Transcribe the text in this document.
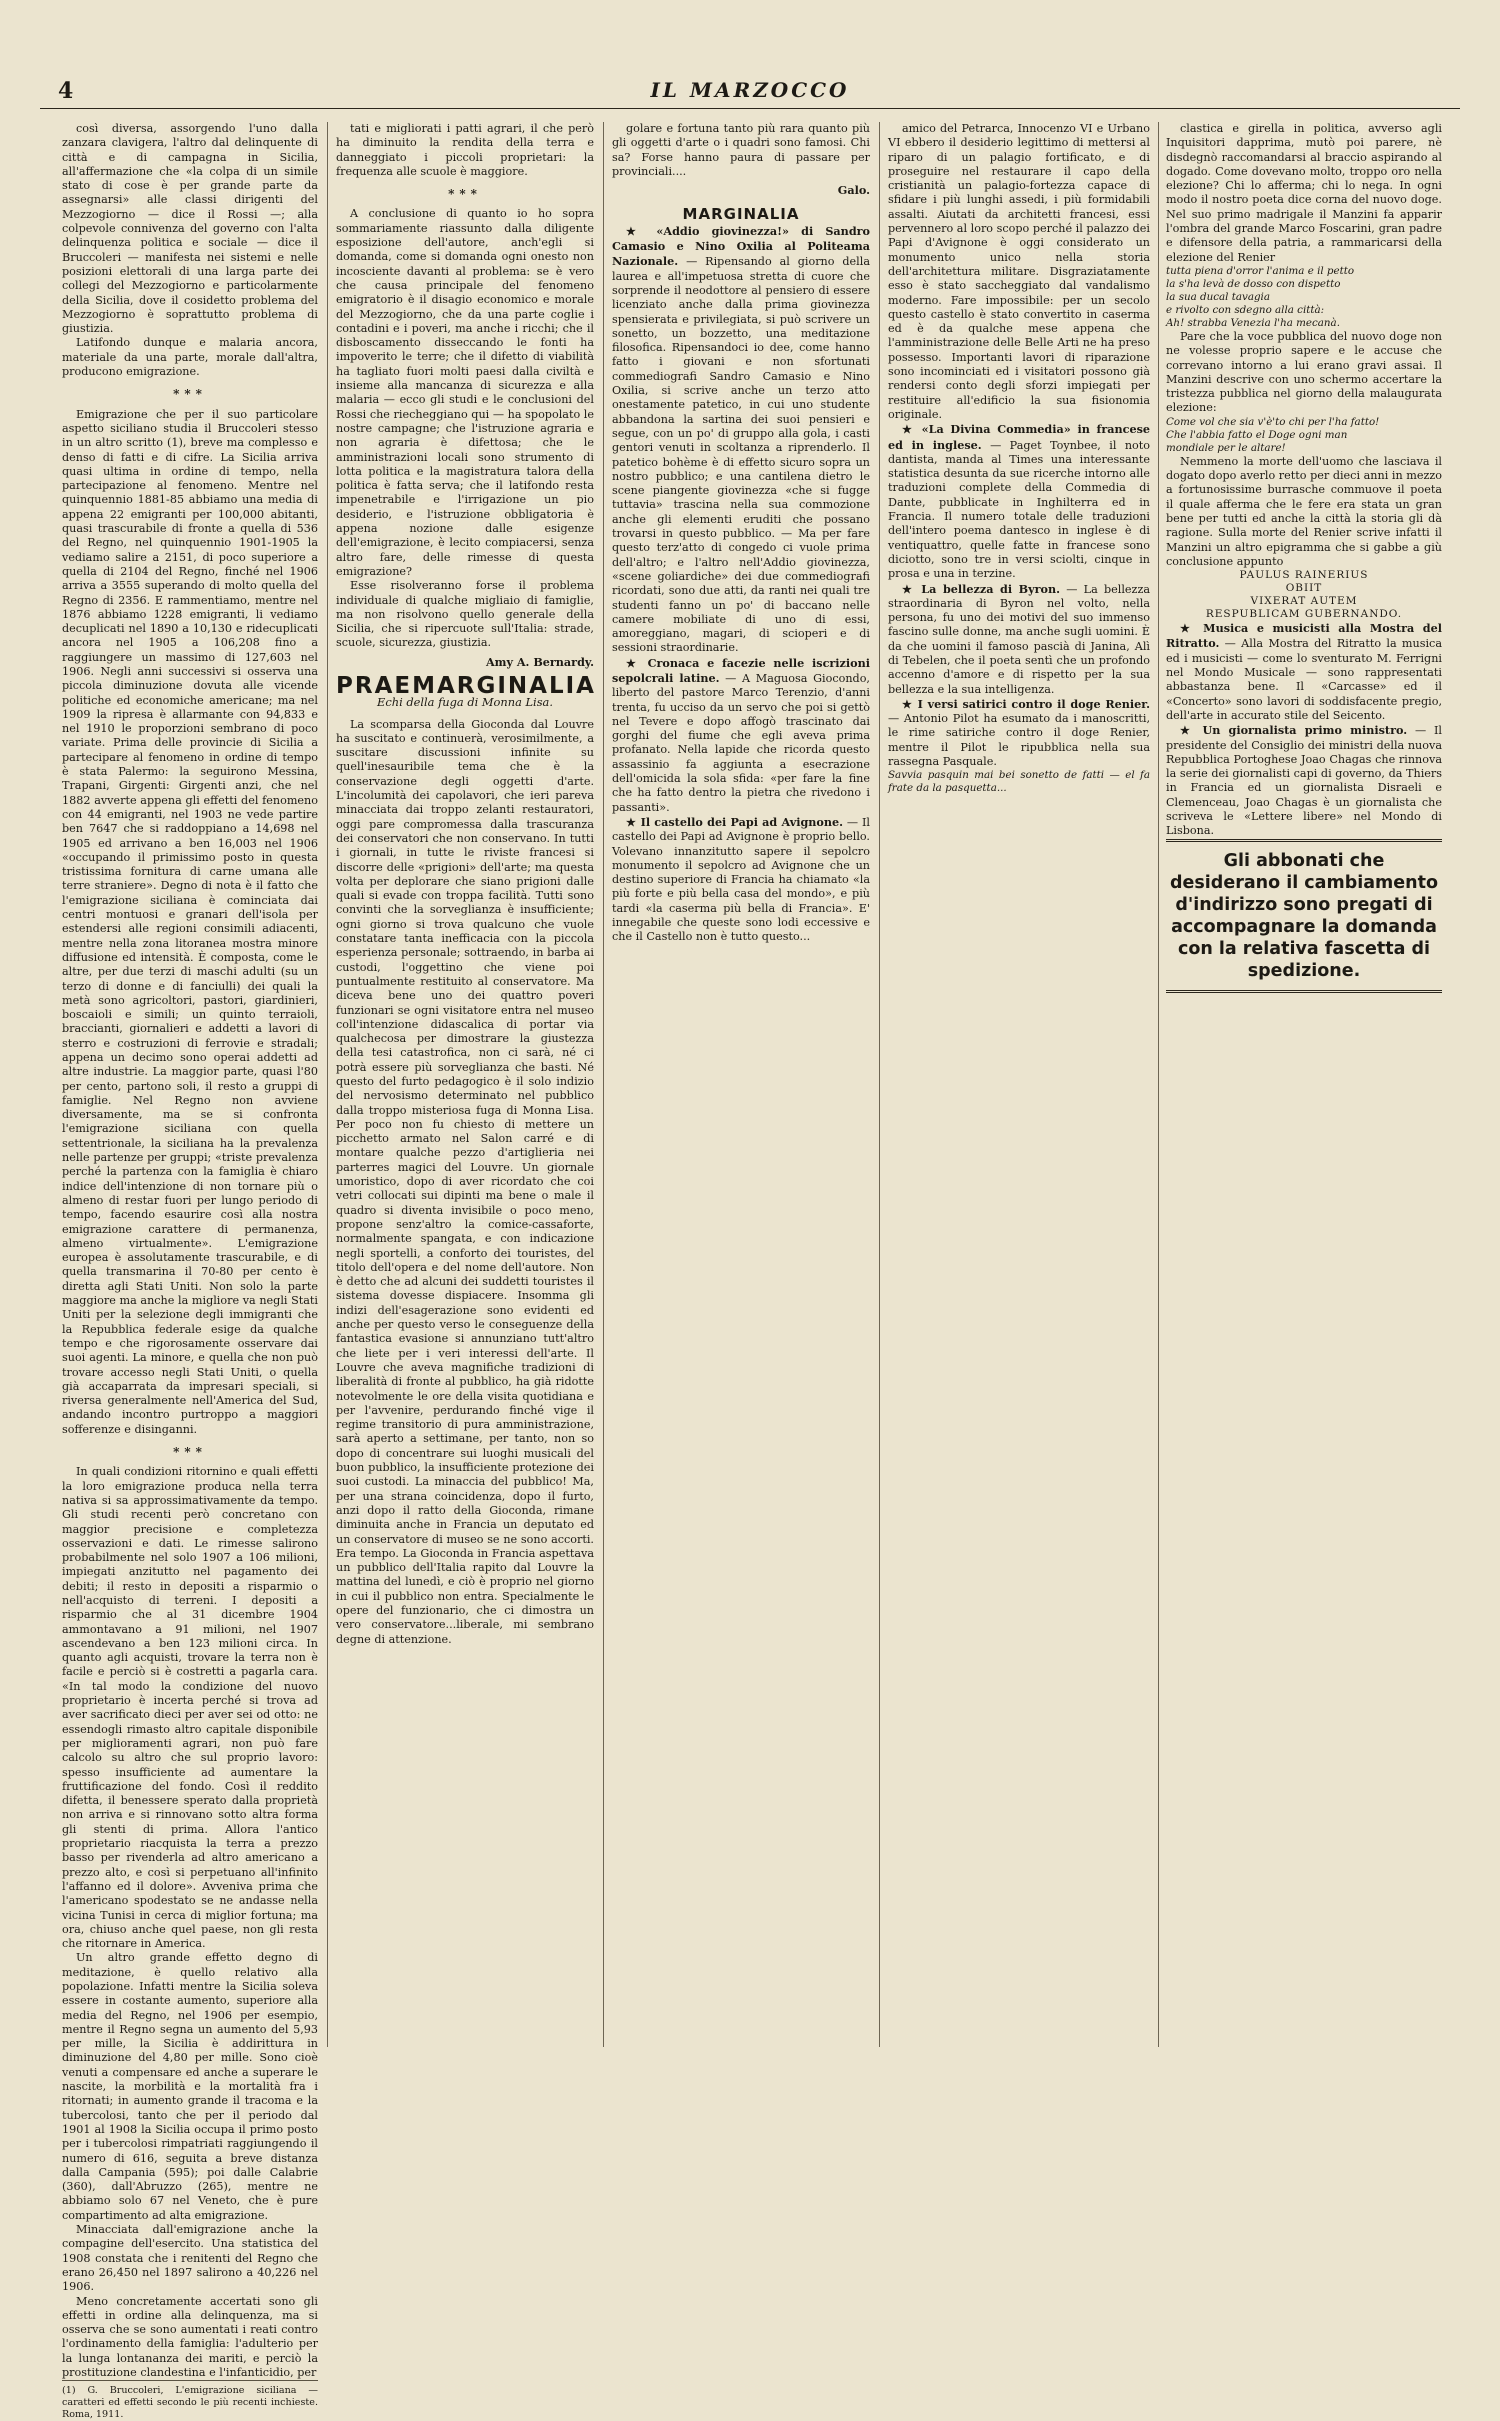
4	IL MARZOCCO

così diversa, assorgendo l'uno dalla zanzara clavigera, l'altro dal delinquente di città e di campagna in Sicilia, all'affermazione che «la colpa di un simile stato di cose è per grande parte da assegnarsi» alle classi dirigenti del Mezzogiorno — dice il Rossi —; alla colpevole connivenza del governo con l'alta delinquenza politica e sociale — dice il Bruccoleri — manifesta nei sistemi e nelle posizioni elettorali di una larga parte dei collegi del Mezzogiorno e particolarmente della Sicilia, dove il cosidetto problema del Mezzogiorno è soprattutto problema di giustizia.

Latifondo dunque e malaria ancora, materiale da una parte, morale dall'altra, producono emigrazione.

***

Emigrazione che per il suo particolare aspetto siciliano studia il Bruccoleri stesso in un altro scritto (1), breve ma complesso e denso di fatti e di cifre. La Sicilia arriva quasi ultima in ordine di tempo, nella partecipazione al fenomeno. Mentre nel quinquennio 1881-85 abbiamo una media di appena 22 emigranti per 100,000 abitanti, quasi trascurabile di fronte a quella di 536 del Regno, nel quinquennio 1901-1905 la vediamo salire a 2151, di poco superiore a quella di 2104 del Regno, finché nel 1906 arriva a 3555 superando di molto quella del Regno di 2356. E rammentiamo, mentre nel 1876 abbiamo 1228 emigranti, li vediamo decuplicati nel 1890 a 10,130 e ridecuplicati ancora nel 1905 a 106,208 fino a raggiungere un massimo di 127,603 nel 1906. Negli anni successivi si osserva una piccola diminuzione dovuta alle vicende politiche ed economiche americane; ma nel 1909 la ripresa è allarmante con 94,833 e nel 1910 le proporzioni sembrano di poco variate. Prima delle provincie di Sicilia a partecipare al fenomeno in ordine di tempo è stata Palermo: la seguirono Messina, Trapani, Girgenti: Girgenti anzi, che nel 1882 avverte appena gli effetti del fenomeno con 44 emigranti, nel 1903 ne vede partire ben 7647 che si raddoppiano a 14,698 nel 1905 ed arrivano a ben 16,003 nel 1906 «occupando il primissimo posto in questa tristissima fornitura di carne umana alle terre straniere». Degno di nota è il fatto che l'emigrazione siciliana è cominciata dai centri montuosi e granari dell'isola per estendersi alle regioni consimili adiacenti, mentre nella zona litoranea mostra minore diffusione ed intensità. È composta, come le altre, per due terzi di maschi adulti (su un terzo di donne e di fanciulli) dei quali la metà sono agricoltori, pastori, giardinieri, boscaioli e simili; un quinto terraioli, braccianti, giornalieri e addetti a lavori di sterro e costruzioni di ferrovie e stradali; appena un decimo sono operai addetti ad altre industrie. La maggior parte, quasi l'80 per cento, partono soli, il resto a gruppi di famiglie. Nel Regno non avviene diversamente, ma se si confronta l'emigrazione siciliana con quella settentrionale, la siciliana ha la prevalenza nelle partenze per gruppi; «triste prevalenza perché la partenza con la famiglia è chiaro indice dell'intenzione di non tornare più o almeno di restar fuori per lungo periodo di tempo, facendo esaurire così alla nostra emigrazione carattere di permanenza, almeno virtualmente». L'emigrazione europea è assolutamente trascurabile, e di quella transmarina il 70-80 per cento è diretta agli Stati Uniti. Non solo la parte maggiore ma anche la migliore va negli Stati Uniti per la selezione degli immigranti che la Repubblica federale esige da qualche tempo e che rigorosamente osservare dai suoi agenti. La minore, e quella che non può trovare accesso negli Stati Uniti, o quella già accaparrata da impresari speciali, si riversa generalmente nell'America del Sud, andando incontro purtroppo a maggiori sofferenze e disinganni.

***

In quali condizioni ritornino e quali effetti la loro emigrazione produca nella terra nativa si sa approssimativamente da tempo. Gli studi recenti però concretano con maggior precisione e completezza osservazioni e dati. Le rimesse salirono probabilmente nel solo 1907 a 106 milioni, impiegati anzitutto nel pagamento dei debiti; il resto in depositi a risparmio o nell'acquisto di terreni. I depositi a risparmio che al 31 dicembre 1904 ammontavano a 91 milioni, nel 1907 ascendevano a ben 123 milioni circa. In quanto agli acquisti, trovare la terra non è facile e perciò si è costretti a pagarla cara. «In tal modo la condizione del nuovo proprietario è incerta perché si trova ad aver sacrificato dieci per aver sei od otto: ne essendogli rimasto altro capitale disponibile per miglioramenti agrari, non può fare calcolo su altro che sul proprio lavoro: spesso insufficiente ad aumentare la fruttificazione del fondo. Così il reddito difetta, il benessere sperato dalla proprietà non arriva e si rinnovano sotto altra forma gli stenti di prima. Allora l'antico proprietario riacquista la terra a prezzo basso per rivenderla ad altro americano a prezzo alto, e così si perpetuano all'infinito l'affanno ed il dolore». Avveniva prima che l'americano spodestato se ne andasse nella vicina Tunisi in cerca di miglior fortuna; ma ora, chiuso anche quel paese, non gli resta che ritornare in America.

Un altro grande effetto degno di meditazione, è quello relativo alla popolazione. Infatti mentre la Sicilia soleva essere in costante aumento, superiore alla media del Regno, nel 1906 per esempio, mentre il Regno segna un aumento del 5,93 per mille, la Sicilia è addirittura in diminuzione del 4,80 per mille. Sono cioè venuti a compensare ed anche a superare le nascite, la morbilità e la mortalità fra i ritornati; in aumento grande il tracoma e la tubercolosi, tanto che per il periodo dal 1901 al 1908 la Sicilia occupa il primo posto per i tubercolosi rimpatriati raggiungendo il numero di 616, seguita a breve distanza dalla Campania (595); poi dalle Calabrie (360), dall'Abruzzo (265), mentre ne abbiamo solo 67 nel Veneto, che è pure compartimento ad alta emigrazione.

Minacciata dall'emigrazione anche la compagine dell'esercito. Una statistica del 1908 constata che i renitenti del Regno che erano 26,450 nel 1897 salirono a 40,226 nel 1906.

Meno concretamente accertati sono gli effetti in ordine alla delinquenza, ma si osserva che se sono aumentati i reati contro l'ordinamento della famiglia: l'adulterio per la lunga lontananza dei mariti, e perciò la prostituzione clandestina e l'infanticidio, per

(1) G. Bruccoleri, L'emigrazione siciliana — caratteri ed effetti secondo le più recenti inchieste. Roma, 1911.

tati e migliorati i patti agrari, il che però ha diminuito la rendita della terra e danneggiato i piccoli proprietari: la frequenza alle scuole è maggiore.

***

A conclusione di quanto io ho sopra sommariamente riassunto dalla diligente esposizione dell'autore, anch'egli si domanda, come si domanda ogni onesto non incosciente davanti al problema: se è vero che causa principale del fenomeno emigratorio è il disagio economico e morale del Mezzogiorno, che da una parte coglie i contadini e i poveri, ma anche i ricchi; che il disboscamento disseccando le fonti ha impoverito le terre; che il difetto di viabilità ha tagliato fuori molti paesi dalla civiltà e insieme alla mancanza di sicurezza e alla malaria — ecco gli studi e le conclusioni del Rossi che riecheggiano qui — ha spopolato le nostre campagne; che l'istruzione agraria e non agraria è difettosa; che le amministrazioni locali sono strumento di lotta politica e la magistratura talora della politica è fatta serva; che il latifondo resta impenetrabile e l'irrigazione un pio desiderio, e l'istruzione obbligatoria è appena nozione dalle esigenze dell'emigrazione, è lecito compiacersi, senza altro fare, delle rimesse di questa emigrazione?

Esse risolveranno forse il problema individuale di qualche migliaio di famiglie, ma non risolvono quello generale della Sicilia, che si ripercuote sull'Italia: strade, scuole, sicurezza, giustizia.

Amy A. Bernardy.
PRAEMARGINALIA
Echi della fuga di Monna Lisa.

La scomparsa della Gioconda dal Louvre ha suscitato e continuerà, verosimilmente, a suscitare discussioni infinite su quell'inesauribile tema che è la conservazione degli oggetti d'arte. L'incolumità dei capolavori, che ieri pareva minacciata dai troppo zelanti restauratori, oggi pare compromessa dalla trascuranza dei conservatori che non conservano. In tutti i giornali, in tutte le riviste francesi si discorre delle «prigioni» dell'arte; ma questa volta per deplorare che siano prigioni dalle quali si evade con troppa facilità. Tutti sono convinti che la sorveglianza è insufficiente; ogni giorno si trova qualcuno che vuole constatare tanta inefficacia con la piccola esperienza personale; sottraendo, in barba ai custodi, l'oggettino che viene poi puntualmente restituito al conservatore. Ma diceva bene uno dei quattro poveri funzionari se ogni visitatore entra nel museo coll'intenzione didascalica di portar via qualchecosa per dimostrare la giustezza della tesi catastrofica, non ci sarà, né ci potrà essere più sorveglianza che basti. Né questo del furto pedagogico è il solo indizio del nervosismo determinato nel pubblico dalla troppo misteriosa fuga di Monna Lisa. Per poco non fu chiesto di mettere un picchetto armato nel Salon carré e di montare qualche pezzo d'artiglieria nei parterres magici del Louvre. Un giornale umoristico, dopo di aver ricordato che coi vetri collocati sui dipinti ma bene o male il quadro si diventa invisibile o poco meno, propone senz'altro la comice-cassaforte, normalmente spangata, e con indicazione negli sportelli, a conforto dei touristes, del titolo dell'opera e del nome dell'autore. Non è detto che ad alcuni dei suddetti touristes il sistema dovesse dispiacere. Insomma gli indizi dell'esagerazione sono evidenti ed anche per questo verso le conseguenze della fantastica evasione si annunziano tutt'altro che liete per i veri interessi dell'arte. Il Louvre che aveva magnifiche tradizioni di liberalità di fronte al pubblico, ha già ridotte notevolmente le ore della visita quotidiana e per l'avvenire, perdurando finché vige il regime transitorio di pura amministrazione, sarà aperto a settimane, per tanto, non so dopo di concentrare sui luoghi musicali del buon pubblico, la insufficiente protezione dei suoi custodi. La minaccia del pubblico! Ma, per una strana coincidenza, dopo il furto, anzi dopo il ratto della Gioconda, rimane diminuita anche in Francia un deputato ed un conservatore di museo se ne sono accorti. Era tempo. La Gioconda in Francia aspettava un pubblico dell'Italia rapito dal Louvre la mattina del lunedì, e ciò è proprio nel giorno in cui il pubblico non entra. Specialmente le opere del funzionario, che ci dimostra un vero conservatore...liberale, mi sembrano degne di attenzione.

golare e fortuna tanto più rara quanto più gli oggetti d'arte o i quadri sono famosi. Chi sa? Forse hanno paura di passare per provinciali....

Galo.
MARGINALIA

★ «Addio giovinezza!» di Sandro Camasio e Nino Oxilia al Politeama Nazionale. — Ripensando al giorno della laurea e all'impetuosa stretta di cuore che sorprende il neodottore al pensiero di essere licenziato anche dalla prima giovinezza spensierata e privilegiata, si può scrivere un sonetto, un bozzetto, una meditazione filosofica. Ripensandoci io dee, come hanno fatto i giovani e non sfortunati commediografi Sandro Camasio e Nino Oxilia, si scrive anche un terzo atto onestamente patetico, in cui uno studente abbandona la sartina dei suoi pensieri e segue, con un po' di gruppo alla gola, i casti gentori venuti in scoltanza a riprenderlo. Il patetico bohème è di effetto sicuro sopra un nostro pubblico; e una cantilena dietro le scene piangente giovinezza «che si fugge tuttavia» trascina nella sua commozione anche gli elementi eruditi che possano trovarsi in questo pubblico. — Ma per fare questo terz'atto di congedo ci vuole prima dell'altro; e l'altro nell'Addio giovinezza, «scene goliardiche» dei due commediografi ricordati, sono due atti, da ranti nei quali tre studenti fanno un po' di baccano nelle camere mobiliate di uno di essi, amoreggiano, magari, di scioperi e di sessioni straordinarie.

★ Cronaca e facezie nelle iscrizioni sepolcrali latine. — A Maguosa Giocondo, liberto del pastore Marco Terenzio, d'anni trenta, fu ucciso da un servo che poi si gettò nel Tevere e dopo affogò trascinato dai gorghi del fiume che egli aveva prima profanato. Nella lapide che ricorda questo assassinio fa aggiunta a esecrazione dell'omicida la sola sfida: «per fare la fine che ha fatto dentro la pietra che rivedono i passanti».

★ Il castello dei Papi ad Avignone. — Il castello dei Papi ad Avignone è proprio bello. Volevano innanzitutto sapere il sepolcro monumento il sepolcro ad Avignone che un destino superiore di Francia ha chiamato «la più forte e più bella casa del mondo», e più tardi «la caserma più bella di Francia». E' innegabile che queste sono lodi eccessive e che il Castello non è tutto questo...

amico del Petrarca, Innocenzo VI e Urbano VI ebbero il desiderio legittimo di mettersi al riparo di un palagio fortificato, e di proseguire nel restaurare il capo della cristianità un palagio-fortezza capace di sfidare i più lunghi assedi, i più formidabili assalti. Aiutati da architetti francesi, essi pervennero al loro scopo perché il palazzo dei Papi d'Avignone è oggi considerato un monumento unico nella storia dell'architettura militare. Disgraziatamente esso è stato saccheggiato dal vandalismo moderno. Fare impossibile: per un secolo questo castello è stato convertito in caserma ed è da qualche mese appena che l'amministrazione delle Belle Arti ne ha preso possesso. Importanti lavori di riparazione sono incominciati ed i visitatori possono già rendersi conto degli sforzi impiegati per restituire all'edificio la sua fisionomia originale.

★ «La Divina Commedia» in francese ed in inglese. — Paget Toynbee, il noto dantista, manda al Times una interessante statistica desunta da sue ricerche intorno alle traduzioni complete della Commedia di Dante, pubblicate in Inghilterra ed in Francia. Il numero totale delle traduzioni dell'intero poema dantesco in inglese è di ventiquattro, quelle fatte in francese sono diciotto, sono tre in versi sciolti, cinque in prosa e una in terzine.

★ La bellezza di Byron. — La bellezza straordinaria di Byron nel volto, nella persona, fu uno dei motivi del suo immenso fascino sulle donne, ma anche sugli uomini. È da che uomini il famoso pascià di Janina, Alì di Tebelen, che il poeta sentì che un profondo accenno d'amore e di rispetto per la sua bellezza e la sua intelligenza.

★ I versi satirici contro il doge Renier. — Antonio Pilot ha esumato da i manoscritti, le rime satiriche contro il doge Renier, mentre il Pilot le ripubblica nella sua rassegna Pasquale.

Savvia pasquin mai bei sonetto de fatti — el fa frate da la pasquetta...

clastica e girella in politica, avverso agli Inquisitori dapprima, mutò poi parere, nè disdegnò raccomandarsi al braccio aspirando al dogado. Come dovevano molto, troppo oro nella elezione? Chi lo afferma; chi lo nega. In ogni modo il nostro poeta dice corna del nuovo doge. Nel suo primo madrigale il Manzini fa apparir l'ombra del grande Marco Foscarini, gran padre e difensore della patria, a rammaricarsi della elezione del Renier

tutta piena d'orror l'anima e il petto
la s'ha levà de dosso con dispetto
la sua ducal tavagia
e rivolto con sdegno alla città:
Ah! strabba Venezia l'ha mecanà.

Pare che la voce pubblica del nuovo doge non ne volesse proprio sapere e le accuse che correvano intorno a lui erano gravi assai. Il Manzini descrive con uno schermo accertare la tristezza pubblica nel giorno della malaugurata elezione:

Come vol che sia v'è'to chi per l'ha fatto!
Che l'abbia fatto el Doge ogni man
mondiale per le altare!

Nemmeno la morte dell'uomo che lasciava il dogato dopo averlo retto per dieci anni in mezzo a fortunosissime burrasche commuove il poeta il quale afferma che le fere era stata un gran bene per tutti ed anche la città la storia gli dà ragione. Sulla morte del Renier scrive infatti il Manzini un altro epigramma che si gabbe a giù conclusione appunto

PAULUS RAINERIUS
OBIIT
VIXERAT AUTEM
RESPUBLICAM GUBERNANDO.

★ Musica e musicisti alla Mostra del Ritratto. — Alla Mostra del Ritratto la musica ed i musicisti — come lo sventurato M. Ferrigni nel Mondo Musicale — sono rappresentati abbastanza bene. Il «Carcasse» ed il «Concerto» sono lavori di soddisfacente pregio, dell'arte in accurato stile del Seicento.

★ Un giornalista primo ministro. — Il presidente del Consiglio dei ministri della nuova Repubblica Portoghese Joao Chagas che rinnova la serie dei giornalisti capi di governo, da Thiers in Francia ed un giornalista Disraeli e Clemenceau, Joao Chagas è un giornalista che scriveva le «Lettere libere» nel Mondo di Lisbona.

Gli abbonati che desiderano il cambiamento d'indirizzo sono pregati di accompagnare la domanda con la relativa fascetta di spedizione.
